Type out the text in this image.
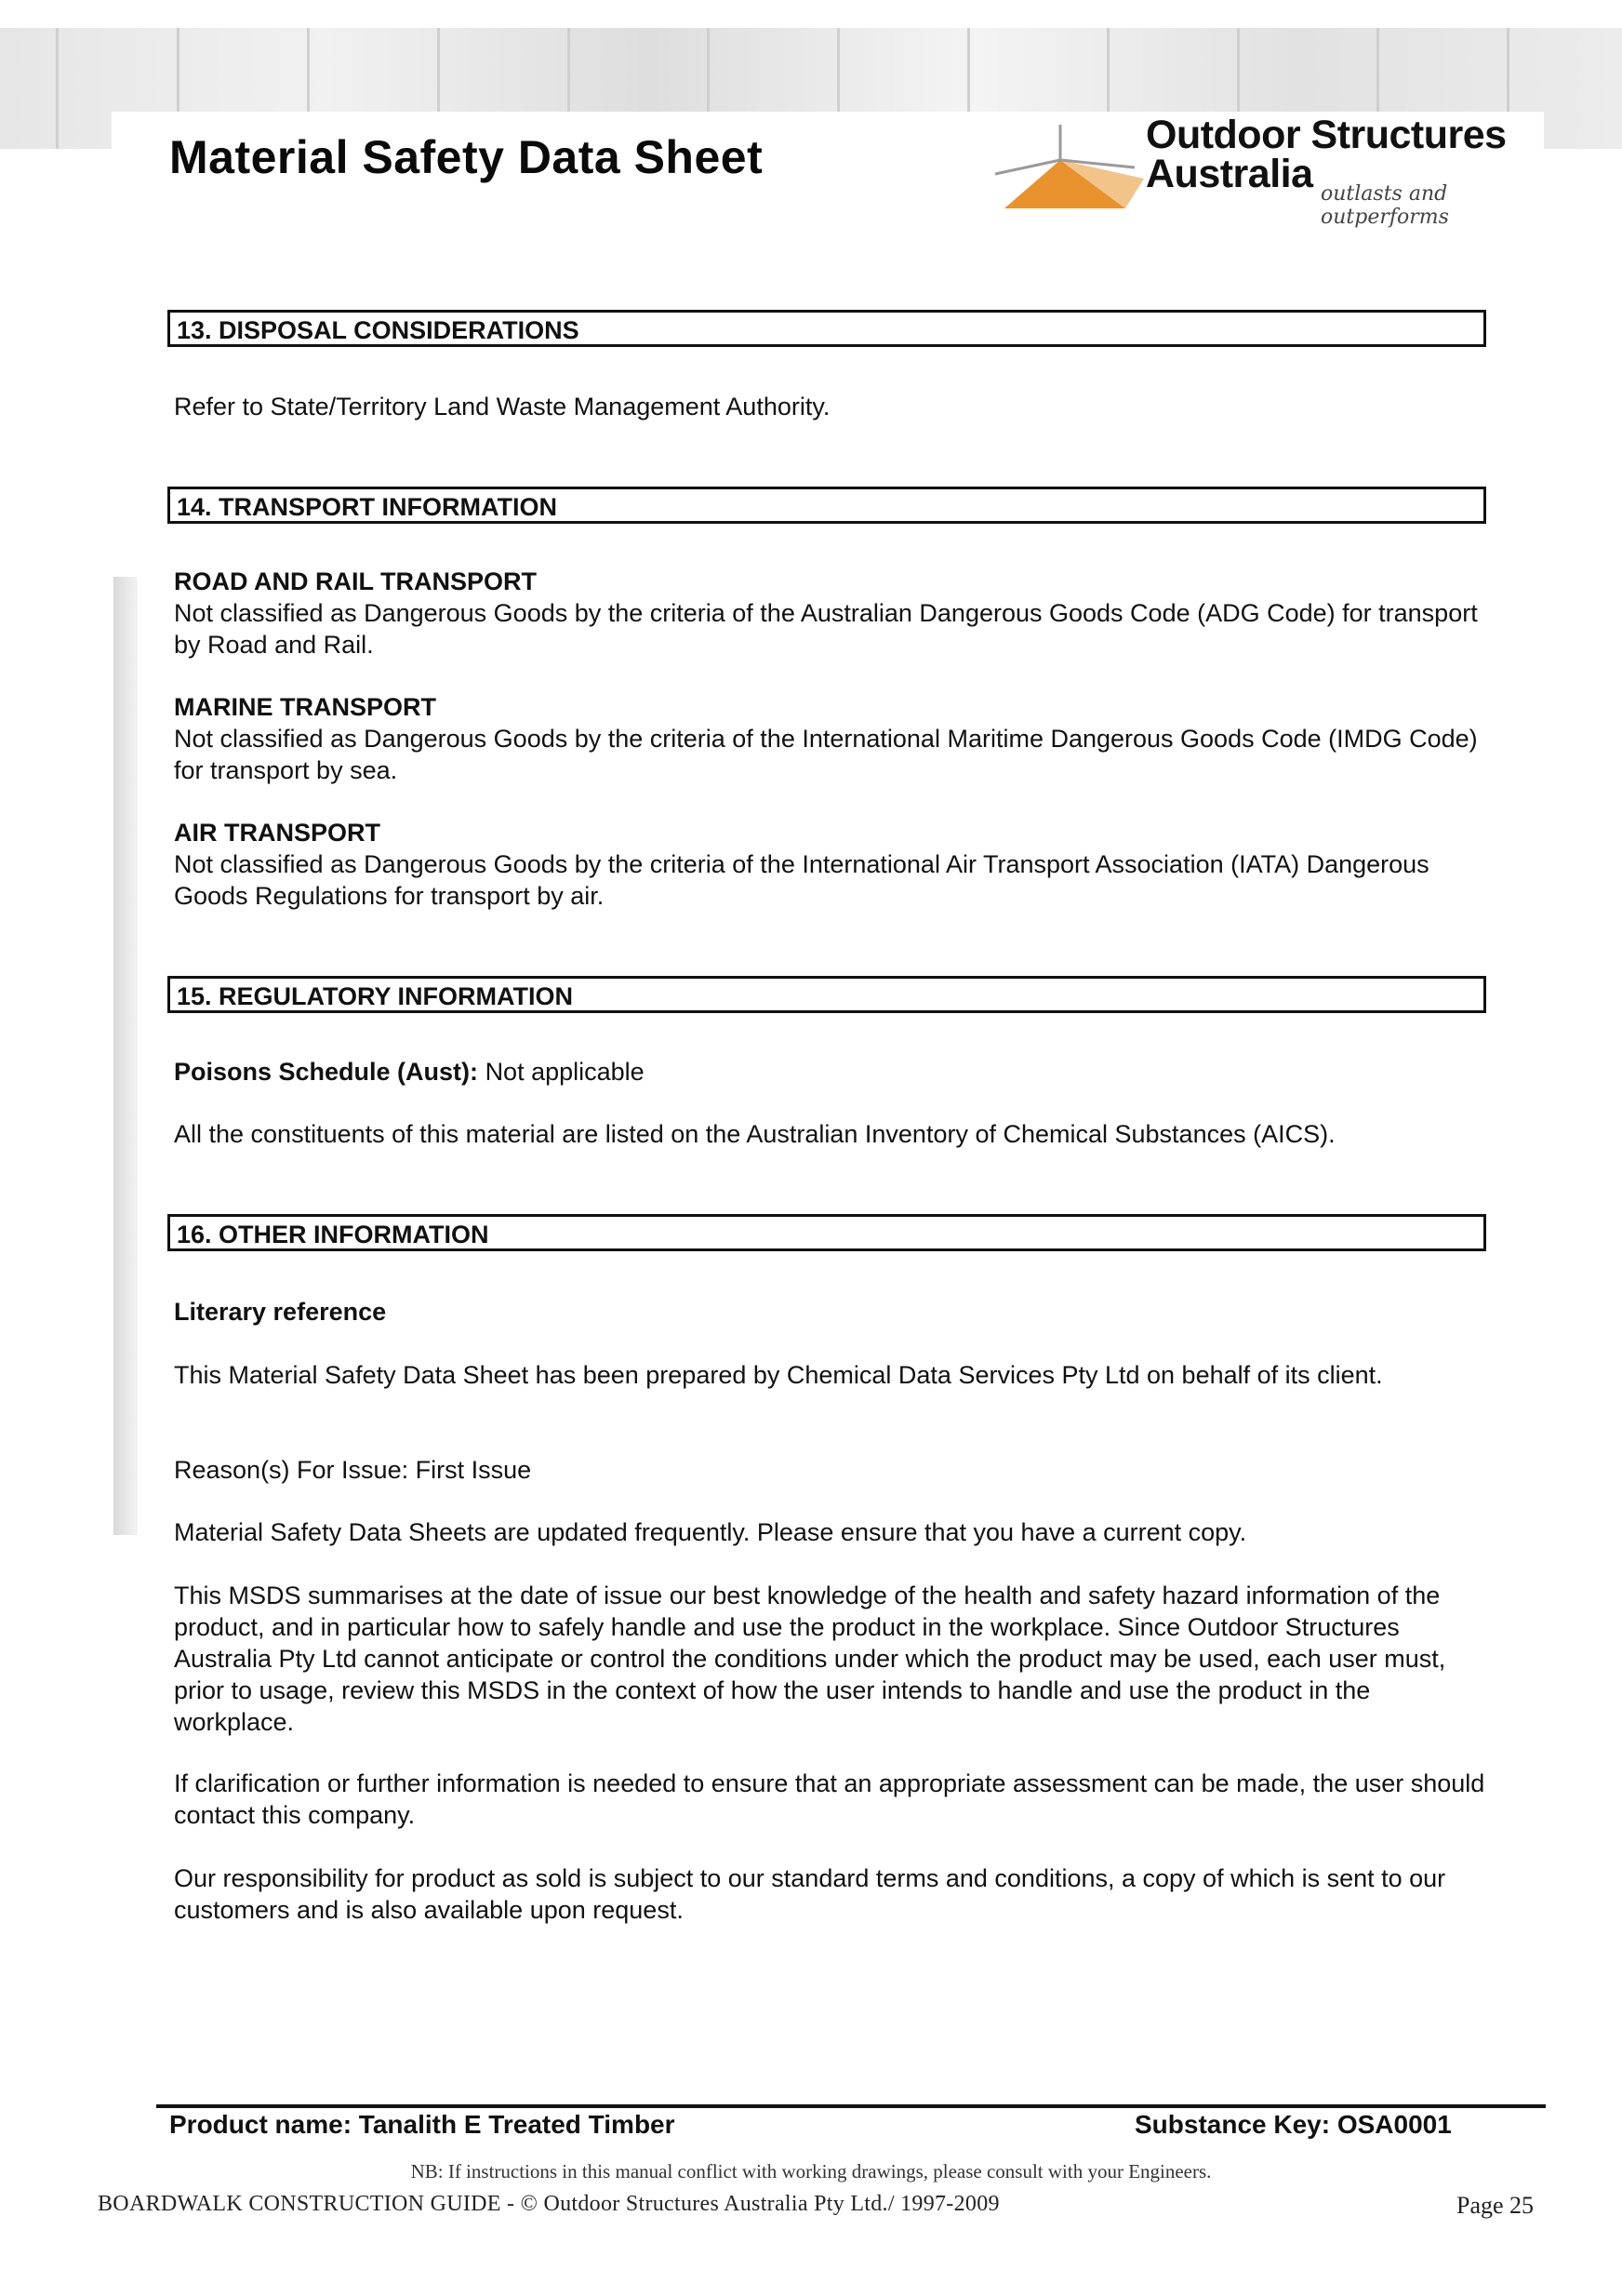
Material Safety Data Sheet	Outdoor Structures
Australia outlasts and outperforms
13. DISPOSAL CONSIDERATIONS

Refer to State/Territory Land Waste Management Authority.

14. TRANSPORT INFORMATION

ROAD AND RAIL TRANSPORT

Not classified as Dangerous Goods by the criteria of the Australian Dangerous Goods Code (ADG Code) for transport by Road and Rail.

MARINE TRANSPORT

Not classified as Dangerous Goods by the criteria of the International Maritime Dangerous Goods Code (IMDG Code) for transport by sea.

AIR TRANSPORT

Not classified as Dangerous Goods by the criteria of the International Air Transport Association (IATA) Dangerous Goods Regulations for transport by air.

15. REGULATORY INFORMATION

Poisons Schedule (Aust): Not applicable

All the constituents of this material are listed on the Australian Inventory of Chemical Substances (AICS).

16. OTHER INFORMATION

Literary reference

This Material Safety Data Sheet has been prepared by Chemical Data Services Pty Ltd on behalf of its client.

Reason(s) For Issue: First Issue

Material Safety Data Sheets are updated frequently. Please ensure that you have a current copy.

This MSDS summarises at the date of issue our best knowledge of the health and safety hazard information of the product, and in particular how to safely handle and use the product in the workplace. Since Outdoor Structures Australia Pty Ltd cannot anticipate or control the conditions under which the product may be used, each user must, prior to usage, review this MSDS in the context of how the user intends to handle and use the product in the workplace.

If clarification or further information is needed to ensure that an appropriate assessment can be made, the user should contact this company.

Our responsibility for product as sold is subject to our standard terms and conditions, a copy of which is sent to our customers and is also available upon request.

Product name: Tanalith E Treated Timber	Substance Key: OSA0001
NB: If instructions in this manual conflict with working drawings, please consult with your Engineers.
BOARDWALK CONSTRUCTION GUIDE - © Outdoor Structures Australia Pty Ltd./ 1997-2009	Page 25
